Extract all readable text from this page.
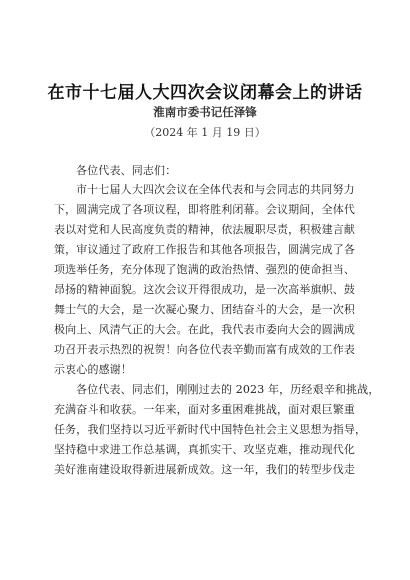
在市十七届人大四次会议闭幕会上的讲话
淮南市委书记任泽锋
（2024 年 1 月 19 日）
各位代表、同志们：
市十七届人大四次会议在全体代表和与会同志的共同努力
下，圆满完成了各项议程，即将胜利闭幕。会议期间，全体代
表以对党和人民高度负责的精神，依法履职尽责，积极建言献
策，审议通过了政府工作报告和其他各项报告，圆满完成了各
项选举任务，充分体现了饱满的政治热情、强烈的使命担当、
昂扬的精神面貌。这次会议开得很成功，是一次高举旗帜、鼓
舞士气的大会，是一次凝心聚力、团结奋斗的大会，是一次积
极向上、风清气正的大会。在此，我代表市委向大会的圆满成
功召开表示热烈的祝贺！向各位代表辛勤而富有成效的工作表
示衷心的感谢！
各位代表、同志们，刚刚过去的 2023 年，历经艰辛和挑战，
充满奋斗和收获。一年来，面对多重困难挑战，面对艰巨繁重
任务，我们坚持以习近平新时代中国特色社会主义思想为指导，
坚持稳中求进工作总基调，真抓实干、攻坚克难，推动现代化
美好淮南建设取得新进展新成效。这一年，我们的转型步伐走
